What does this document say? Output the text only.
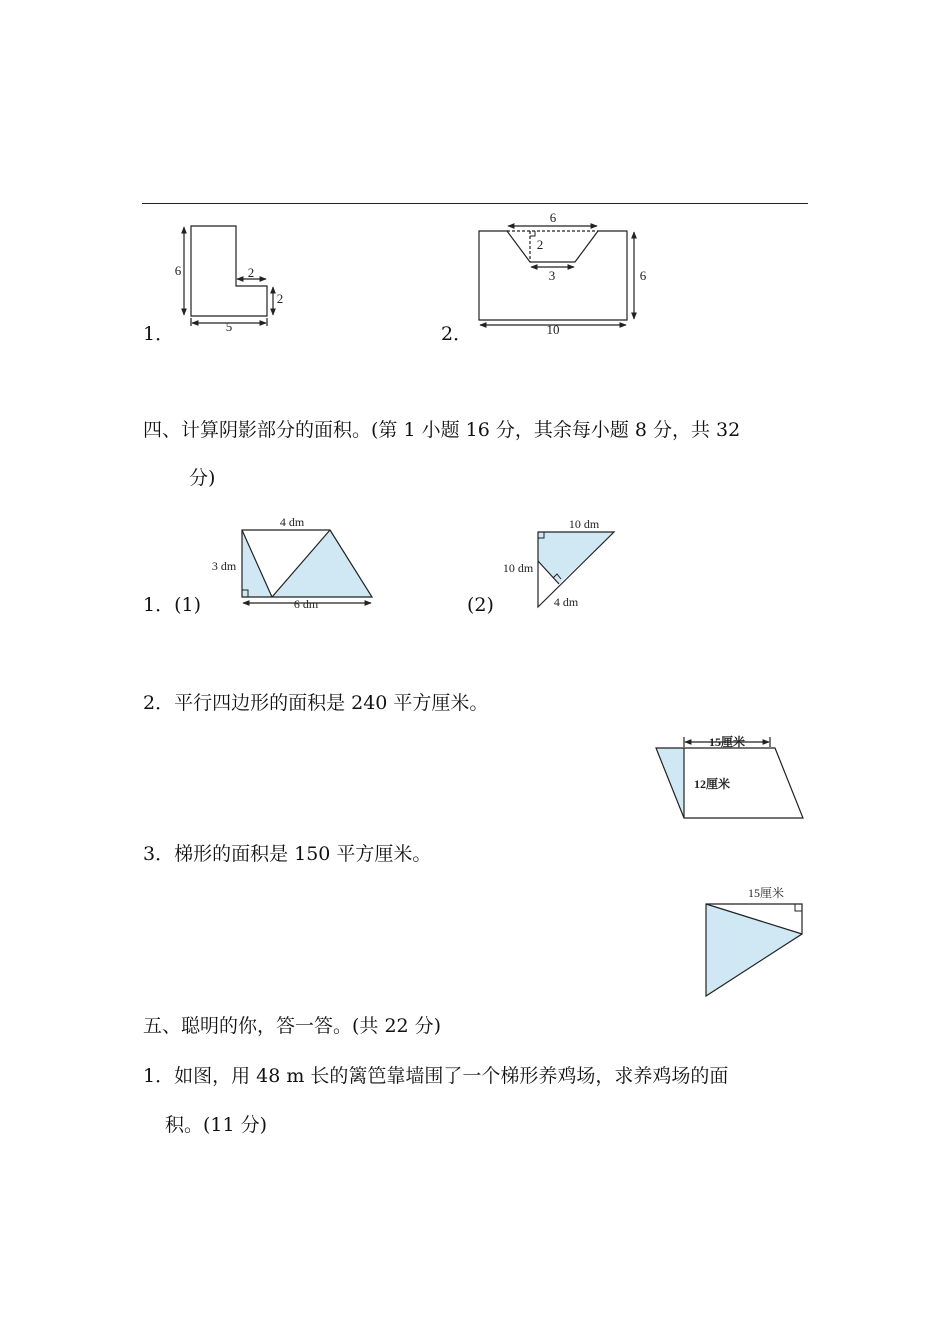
1．	2．
6	2
2
5
6
2
3	6
10
4 dm
3 dm
6 dm
10 dm
10 dm
4 dm
15厘米
12厘米
15厘米
四、计算阴影部分的面积。(第 1 小题 16 分，其余每小题 8 分，共 32
分)
1．(1)	(2)
2．平行四边形的面积是 240 平方厘米。
3．梯形的面积是 150 平方厘米。
五、聪明的你，答一答。(共 22 分)
1．如图，用 48 m 长的篱笆靠墙围了一个梯形养鸡场，求养鸡场的面
积。(11 分)
